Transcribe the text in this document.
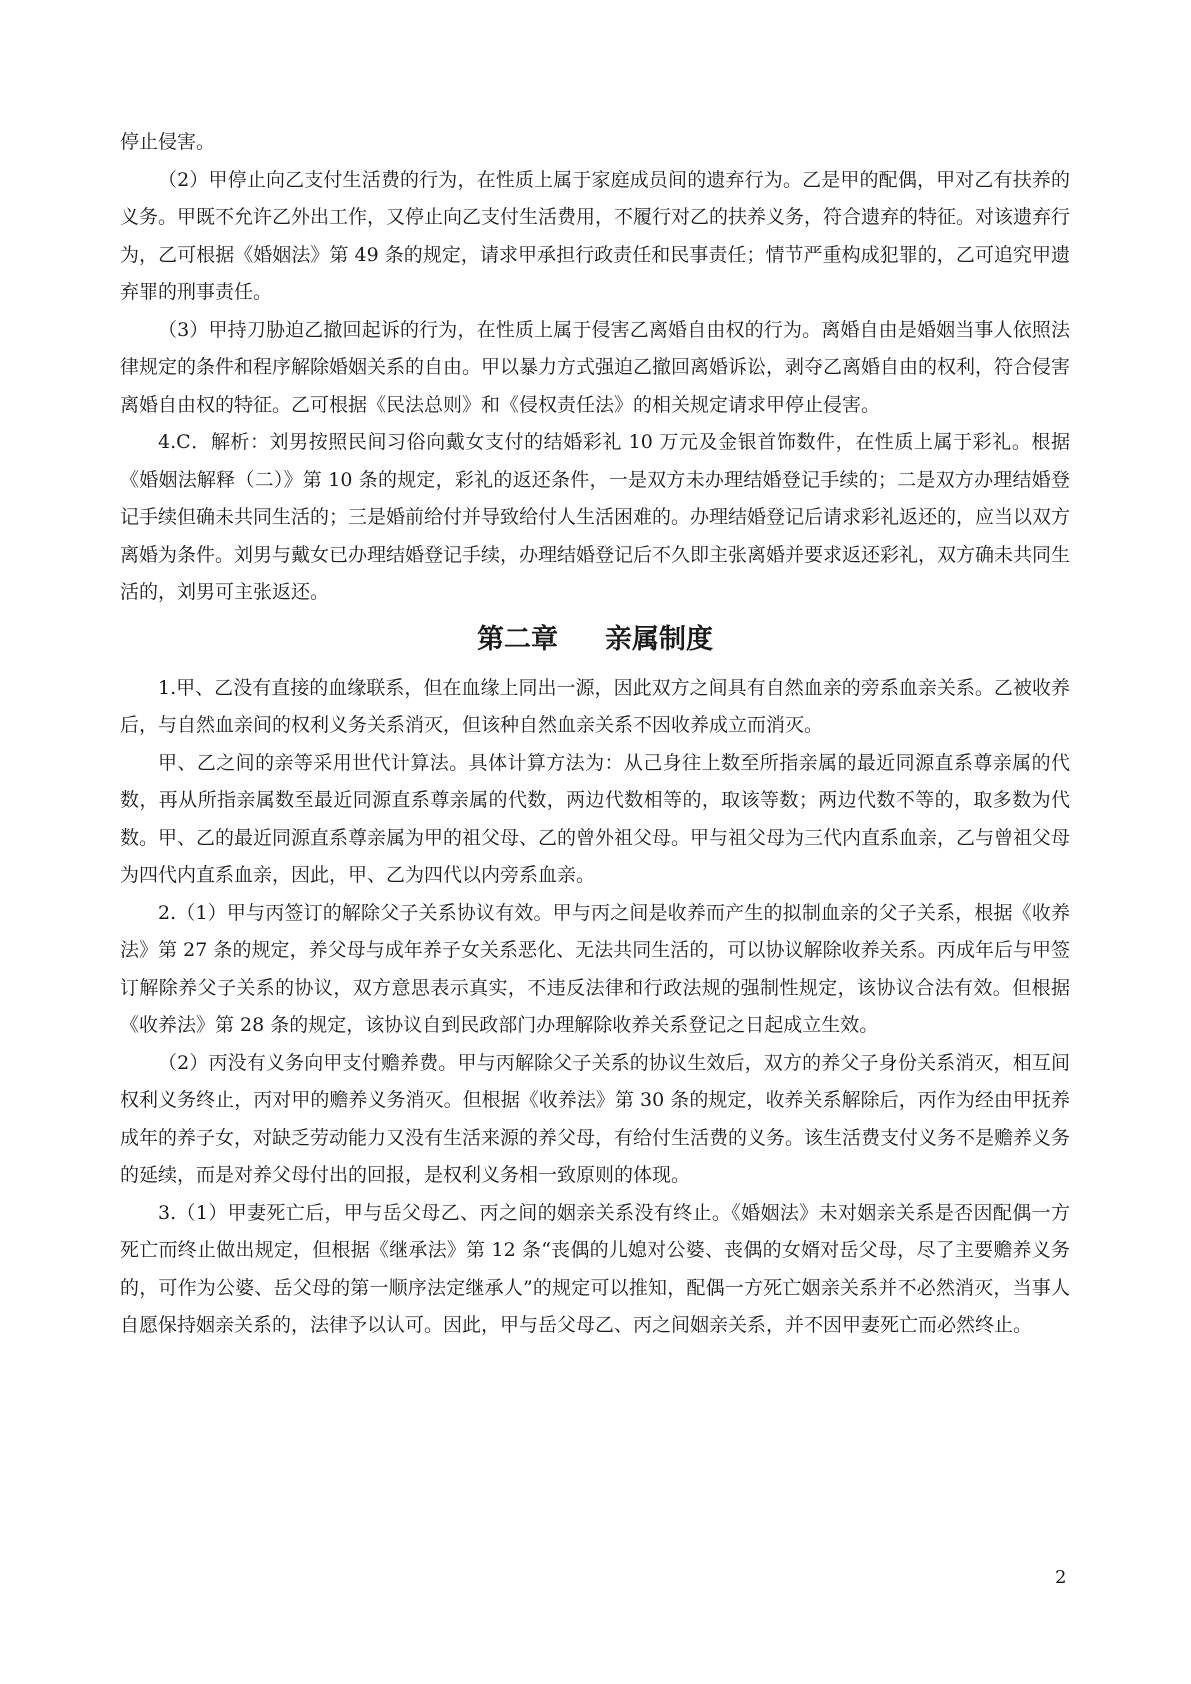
停止侵害。

（2）甲停止向乙支付生活费的行为，在性质上属于家庭成员间的遗弃行为。乙是甲的配偶，甲对乙有扶养的义务。甲既不允许乙外出工作，又停止向乙支付生活费用，不履行对乙的扶养义务，符合遗弃的特征。对该遗弃行为，乙可根据《婚姻法》第 49 条的规定，请求甲承担行政责任和民事责任；情节严重构成犯罪的，乙可追究甲遗弃罪的刑事责任。

（3）甲持刀胁迫乙撤回起诉的行为，在性质上属于侵害乙离婚自由权的行为。离婚自由是婚姻当事人依照法律规定的条件和程序解除婚姻关系的自由。甲以暴力方式强迫乙撤回离婚诉讼，剥夺乙离婚自由的权利，符合侵害离婚自由权的特征。乙可根据《民法总则》和《侵权责任法》的相关规定请求甲停止侵害。

4.C．解析：刘男按照民间习俗向戴女支付的结婚彩礼 10 万元及金银首饰数件，在性质上属于彩礼。根据《婚姻法解释（二）》第 10 条的规定，彩礼的返还条件，一是双方未办理结婚登记手续的；二是双方办理结婚登记手续但确未共同生活的；三是婚前给付并导致给付人生活困难的。办理结婚登记后请求彩礼返还的，应当以双方离婚为条件。刘男与戴女已办理结婚登记手续，办理结婚登记后不久即主张离婚并要求返还彩礼，双方确未共同生活的，刘男可主张返还。

第二章     亲属制度

1.甲、乙没有直接的血缘联系，但在血缘上同出一源，因此双方之间具有自然血亲的旁系血亲关系。乙被收养后，与自然血亲间的权利义务关系消灭，但该种自然血亲关系不因收养成立而消灭。

甲、乙之间的亲等采用世代计算法。具体计算方法为：从己身往上数至所指亲属的最近同源直系尊亲属的代数，再从所指亲属数至最近同源直系尊亲属的代数，两边代数相等的，取该等数；两边代数不等的，取多数为代数。甲、乙的最近同源直系尊亲属为甲的祖父母、乙的曾外祖父母。甲与祖父母为三代内直系血亲，乙与曾祖父母为四代内直系血亲，因此，甲、乙为四代以内旁系血亲。

2.（1）甲与丙签订的解除父子关系协议有效。甲与丙之间是收养而产生的拟制血亲的父子关系，根据《收养法》第 27 条的规定，养父母与成年养子女关系恶化、无法共同生活的，可以协议解除收养关系。丙成年后与甲签订解除养父子关系的协议，双方意思表示真实，不违反法律和行政法规的强制性规定，该协议合法有效。但根据《收养法》第 28 条的规定，该协议自到民政部门办理解除收养关系登记之日起成立生效。

（2）丙没有义务向甲支付赡养费。甲与丙解除父子关系的协议生效后，双方的养父子身份关系消灭，相互间权利义务终止，丙对甲的赡养义务消灭。但根据《收养法》第 30 条的规定，收养关系解除后，丙作为经由甲抚养成年的养子女，对缺乏劳动能力又没有生活来源的养父母，有给付生活费的义务。该生活费支付义务不是赡养义务的延续，而是对养父母付出的回报，是权利义务相一致原则的体现。

3.（1）甲妻死亡后，甲与岳父母乙、丙之间的姻亲关系没有终止。《婚姻法》未对姻亲关系是否因配偶一方死亡而终止做出规定，但根据《继承法》第 12 条“丧偶的儿媳对公婆、丧偶的女婿对岳父母，尽了主要赡养义务的，可作为公婆、岳父母的第一顺序法定继承人”的规定可以推知，配偶一方死亡姻亲关系并不必然消灭，当事人自愿保持姻亲关系的，法律予以认可。因此，甲与岳父母乙、丙之间姻亲关系，并不因甲妻死亡而必然终止。

2
